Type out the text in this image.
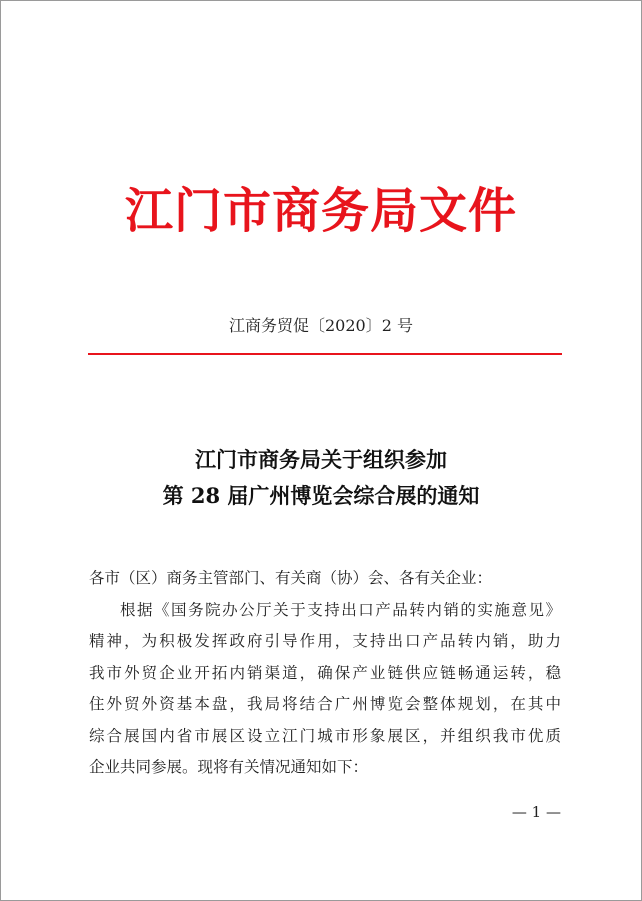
江门市商务局文件
江商务贸促〔2020〕2 号
江门市商务局关于组织参加
第 28 届广州博览会综合展的通知
各市（区）商务主管部门、有关商（协）会、各有关企业：
根据《国务院办公厅关于支持出口产品转内销的实施意见》
精神，为积极发挥政府引导作用，支持出口产品转内销，助力
我市外贸企业开拓内销渠道，确保产业链供应链畅通运转，稳
住外贸外资基本盘，我局将结合广州博览会整体规划，在其中
综合展国内省市展区设立江门城市形象展区，并组织我市优质
企业共同参展。现将有关情况通知如下：
— 1 —
